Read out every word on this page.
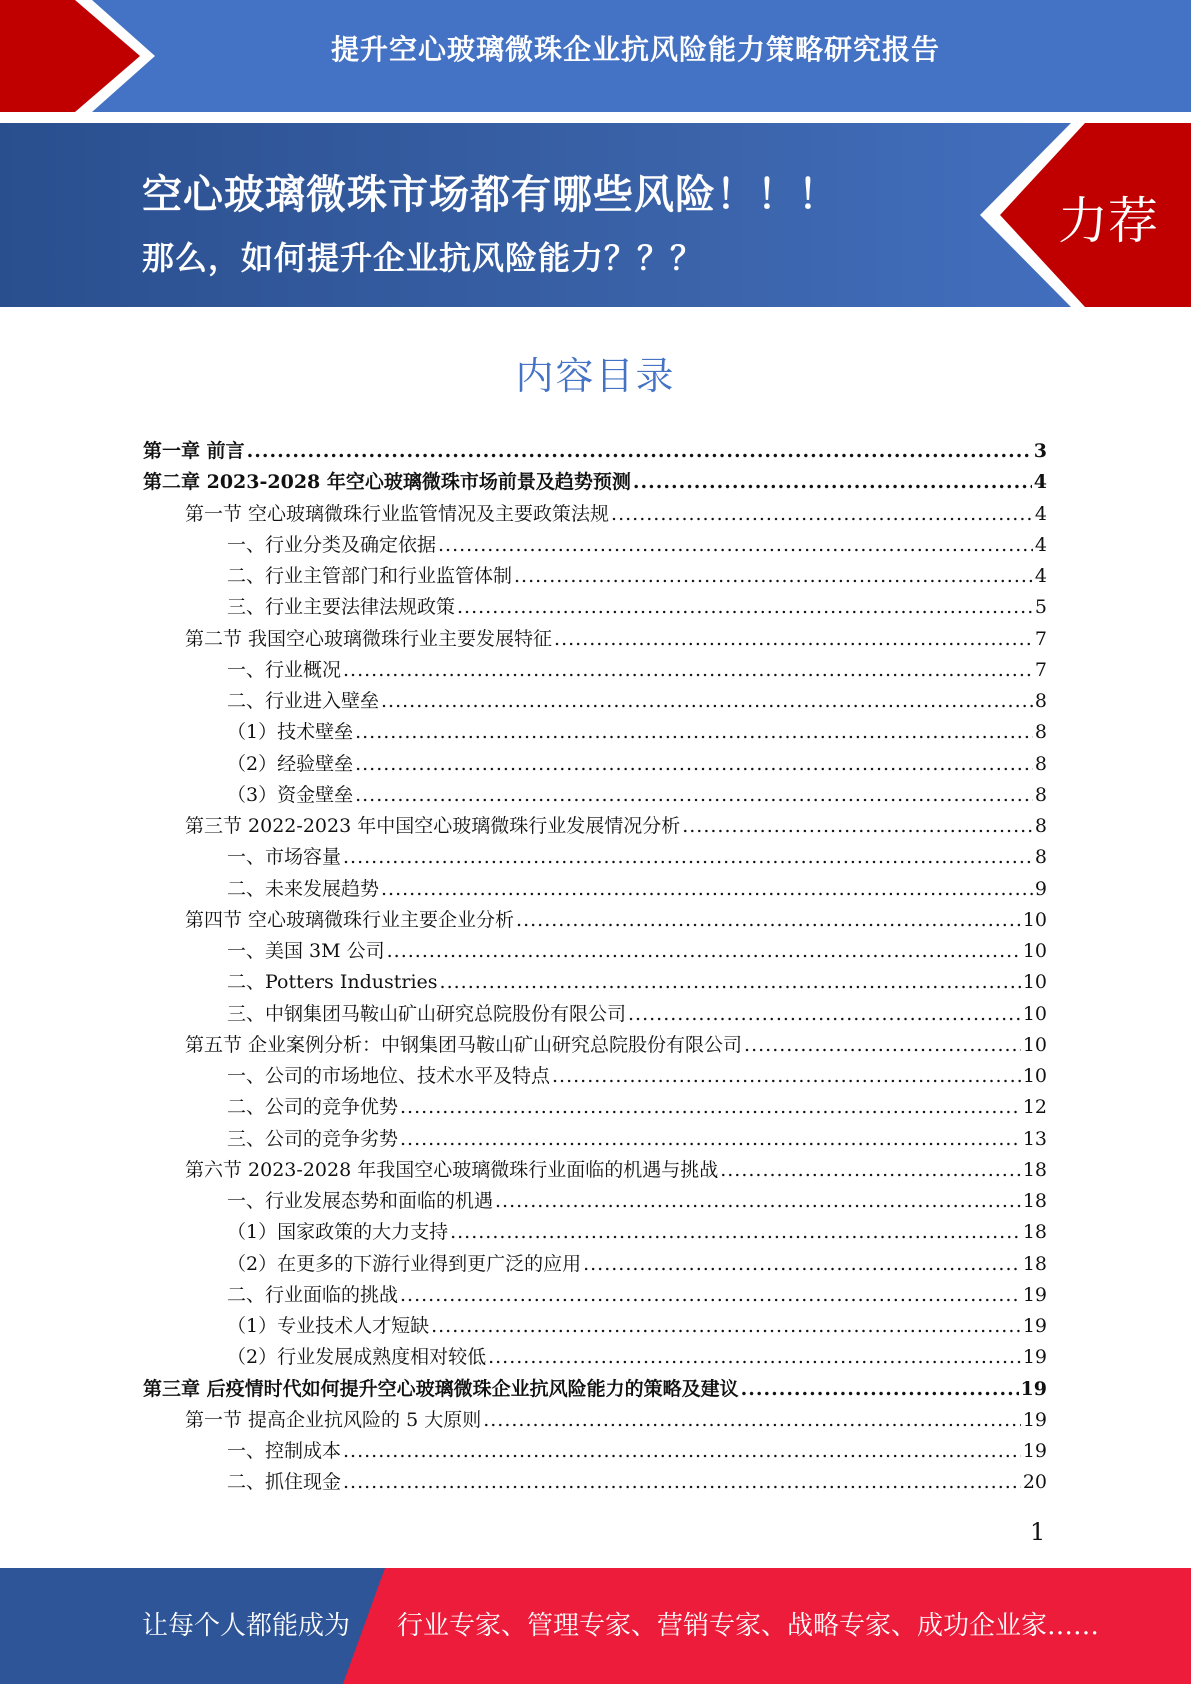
提升空心玻璃微珠企业抗风险能力策略研究报告
空心玻璃微珠市场都有哪些风险！！！
那么，如何提升企业抗风险能力？？？
力荐
内容目录
第一章 前言 .....	3
第二章 2023-2028 年空心玻璃微珠市场前景及趋势预测 .....	4
第一节 空心玻璃微珠行业监管情况及主要政策法规 .....	4
一、行业分类及确定依据 .....	4
二、行业主管部门和行业监管体制 .....	4
三、行业主要法律法规政策 .....	5
第二节 我国空心玻璃微珠行业主要发展特征 .....	7
一、行业概况 .....	7
二、行业进入壁垒 .....	8
（1）技术壁垒 .....	8
（2）经验壁垒 .....	8
（3）资金壁垒 .....	8
第三节 2022-2023 年中国空心玻璃微珠行业发展情况分析 .....	8
一、市场容量 .....	8
二、未来发展趋势 .....	9
第四节 空心玻璃微珠行业主要企业分析 .....	10
一、美国 3M 公司 .....	10
二、Potters Industries .....	10
三、中钢集团马鞍山矿山研究总院股份有限公司 .....	10
第五节 企业案例分析：中钢集团马鞍山矿山研究总院股份有限公司 .....	10
一、公司的市场地位、技术水平及特点 .....	10
二、公司的竞争优势 .....	12
三、公司的竞争劣势 .....	13
第六节 2023-2028 年我国空心玻璃微珠行业面临的机遇与挑战 .....	18
一、行业发展态势和面临的机遇 .....	18
（1）国家政策的大力支持 .....	18
（2）在更多的下游行业得到更广泛的应用 .....	18
二、行业面临的挑战 .....	19
（1）专业技术人才短缺 .....	19
（2）行业发展成熟度相对较低 .....	19
第三章 后疫情时代如何提升空心玻璃微珠企业抗风险能力的策略及建议 .....	19
第一节 提高企业抗风险的 5 大原则 .....	19
一、控制成本 .....	19
二、抓住现金 .....	20
1
让每个人都能成为 行业专家、管理专家、营销专家、战略专家、成功企业家……
